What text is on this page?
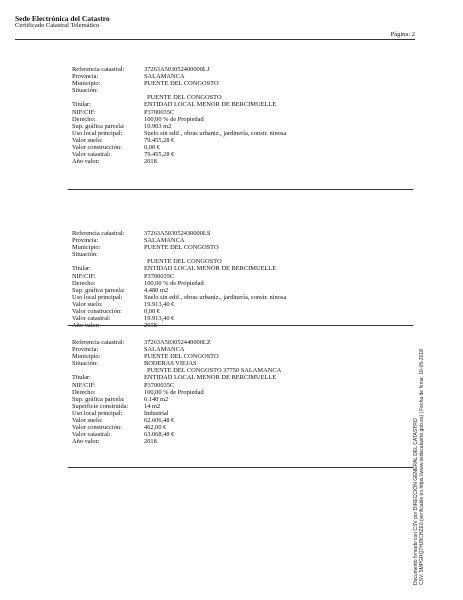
Sede Electrónica del Catastro
Certificado Catastral Telemático
Página: 2
Referencia catastral:	37263A503052400000LJ
Provincia:	SALAMANCA
Municipio:	PUENTE DEL CONGOSTO
Situación:
PUENTE DEL CONGOSTO
Titular:	ENTIDAD LOCAL MENOR DE BERCIMUELLE
NIF/CIF:	P3700035C
Derecho:	100,00 % de Propiedad
Sup. gráfica parcela:	10.903 m2
Uso local principal:	Suelo sin edif., obras urbaniz., jardinería, constr. ninosa
Valor suelo:	79.455,28 €
Valor construcción:	0,00 €
Valor catastral:	79.455,28 €
Año valor:	2018
Referencia catastral:	37263A503052430000LS
Provincia:	SALAMANCA
Municipio:	PUENTE DEL CONGOSTO
Situación:
PUENTE DEL CONGOSTO
Titular:	ENTIDAD LOCAL MENOR DE BERCIMUELLE
NIF/CIF:	P3700035C
Derecho:	100,00 % de Propiedad
Sup. gráfica parcela:	4.480 m2
Uso local principal:	Suelo sin edif., obras urbaniz., jardinería, constr. ninosa
Valor suelo:	19.913,40 €
Valor construcción:	0,00 €
Valor catastral:	19.913,40 €
Año valor:	2018
Referencia catastral:	37263A503052440000LZ
Provincia:	SALAMANCA
Municipio:	PUENTE DEL CONGOSTO
Situación:	BODERAS VIEJAS
PUENTE DEL CONGOSTO 37750 SALAMANCA
Titular:	ENTIDAD LOCAL MENOR DE BERCIMUELLE
NIF/CIF:	P3700035C
Derecho:	100,00 % de Propiedad
Sup. gráfica parcela:	6.140 m2
Superficie construida:	14 m2
Uso local principal:	Industrial
Valor suelo:	62.606,48 €
Valor construcción:	462,00 €
Valor catastral:	63.068,48 €
Año valor:	2018	Documento firmado con CSV por DIRECCIÓN GENERAL DEL CATASTRO CSV: 9MPGRQ7HJ8CHZE0 (verificable en https://www.sedecatastro.gob.es) | Fecha de firma: 16-05-2018
